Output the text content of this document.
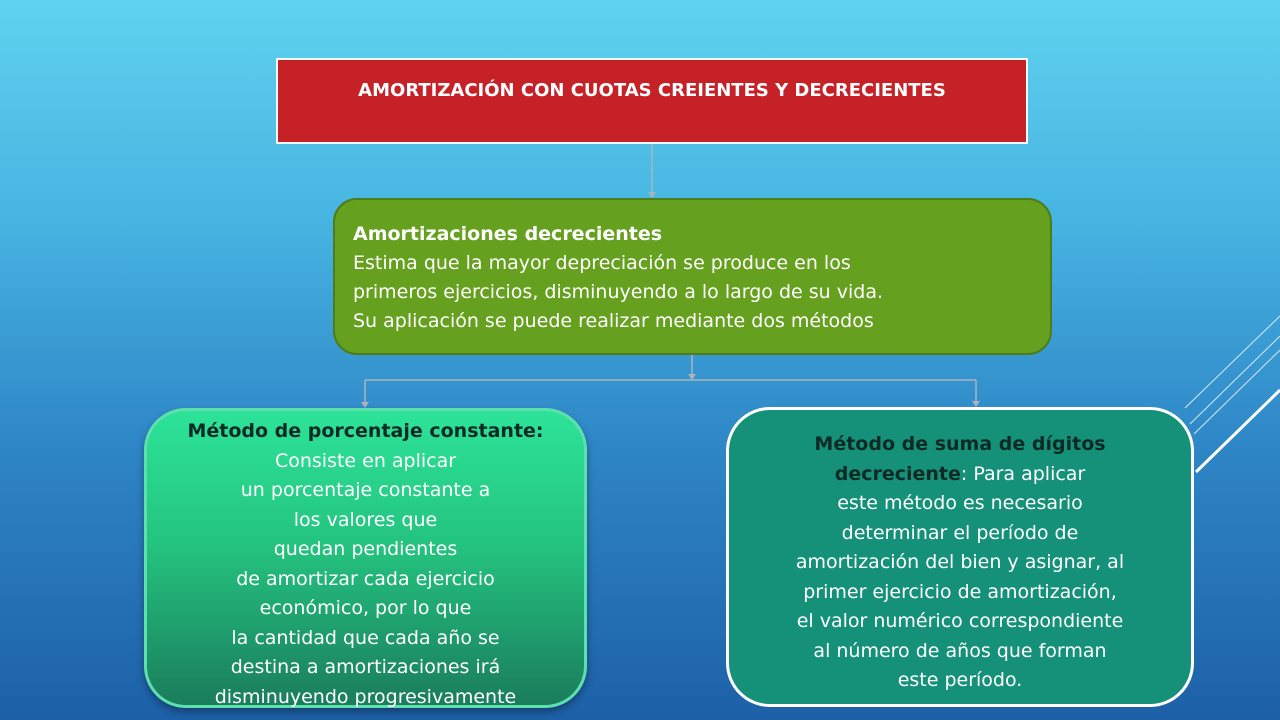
AMORTIZACIÓN CON CUOTAS CREIENTES Y DECRECIENTES
Amortizaciones decrecientes
Estima que la mayor depreciación se produce en los
primeros ejercicios, disminuyendo a lo largo de su vida.
Su aplicación se puede realizar mediante dos métodos
Método de porcentaje constante:
Consiste en aplicar
un porcentaje constante a
los valores que
quedan pendientes
de amortizar cada ejercicio
económico, por lo que
la cantidad que cada año se
destina a amortizaciones irá
disminuyendo progresivamente
Método de suma de dígitos
decreciente: Para aplicar
este método es necesario
determinar el período de
amortización del bien y asignar, al
primer ejercicio de amortización,
el valor numérico correspondiente
al número de años que forman
este período.
